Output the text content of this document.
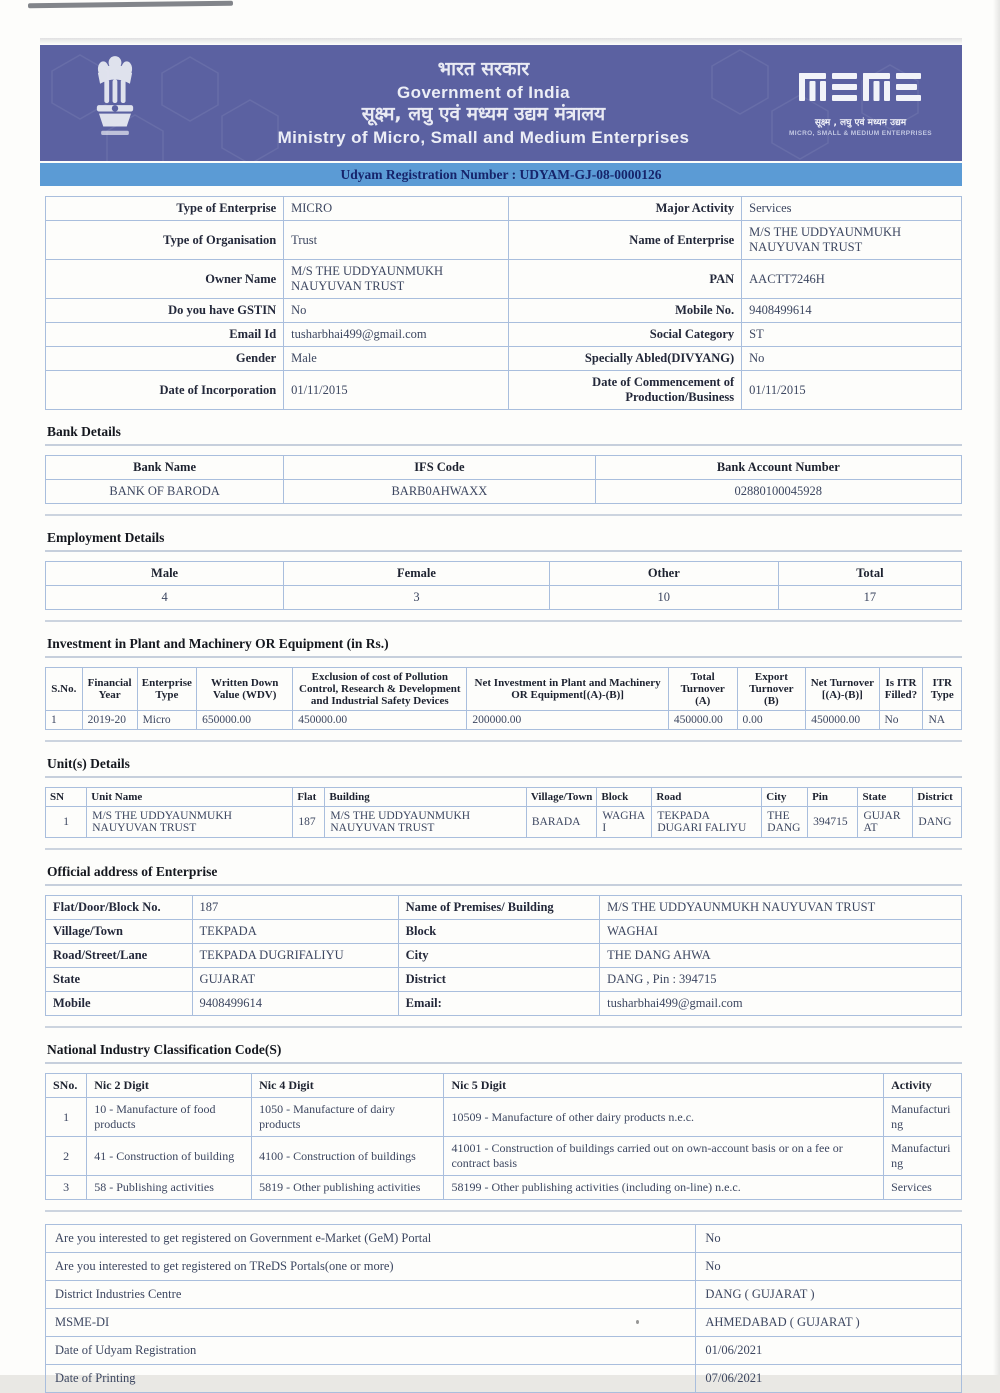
भारत सरकार
Government of India
सूक्ष्म, लघु एवं मध्यम उद्यम मंत्रालय
Ministry of Micro, Small and Medium Enterprises
सूक्ष्म , लघु एवं मध्यम उद्यम
MICRO, SMALL & MEDIUM ENTERPRISES
Udyam Registration Number : UDYAM-GJ-08-0000126
Type of Enterprise	MICRO	Major Activity	Services
Type of Organisation	Trust	Name of Enterprise	M/S THE UDDYAUNMUKH NAUYUVAN TRUST
Owner Name	M/S THE UDDYAUNMUKH NAUYUVAN TRUST	PAN	AACTT7246H
Do you have GSTIN	No	Mobile No.	9408499614
Email Id	tusharbhai499@gmail.com	Social Category	ST
Gender	Male	Specially Abled(DIVYANG)	No
Date of Incorporation	01/11/2015	Date of Commencement of Production/Business	01/11/2015
Bank Details
Bank Name	IFS Code	Bank Account Number
BANK OF BARODA	BARB0AHWAXX	02880100045928
Employment Details
Male	Female	Other	Total
4	3	10	17
Investment in Plant and Machinery OR Equipment (in Rs.)
S.No.	Financial Year	Enterprise Type	Written Down Value (WDV)	Exclusion of cost of Pollution Control, Research & Development and Industrial Safety Devices	Net Investment in Plant and Machinery OR Equipment[(A)-(B)]	Total Turnover (A)	Export Turnover (B)	Net Turnover [(A)-(B)]	Is ITR Filled?	ITR Type
1	2019-20	Micro	650000.00	450000.00	200000.00	450000.00	0.00	450000.00	No	NA
Unit(s) Details
SN	Unit Name	Flat	Building	Village/Town	Block	Road	City	Pin	State	District
1	M/S THE UDDYAUNMUKH NAUYUVAN TRUST	187	M/S THE UDDYAUNMUKH NAUYUVAN TRUST	BARADA	WAGHAI	TEKPADA DUGARI FALIYU	THE DANG	394715	GUJARAT	DANG
Official address of Enterprise
Flat/Door/Block No.	187	Name of Premises/ Building	M/S THE UDDYAUNMUKH NAUYUVAN TRUST
Village/Town	TEKPADA	Block	WAGHAI
Road/Street/Lane	TEKPADA DUGRIFALIYU	City	THE DANG AHWA
State	GUJARAT	District	DANG , Pin : 394715
Mobile	9408499614	Email:	tusharbhai499@gmail.com
National Industry Classification Code(S)
SNo.	Nic 2 Digit	Nic 4 Digit	Nic 5 Digit	Activity
1	10 - Manufacture of food products	1050 - Manufacture of dairy products	10509 - Manufacture of other dairy products n.e.c.	Manufacturing
2	41 - Construction of building	4100 - Construction of buildings	41001 - Construction of buildings carried out on own-account basis or on a fee or contract basis	Manufacturing
3	58 - Publishing activities	5819 - Other publishing activities	58199 - Other publishing activities (including on-line) n.e.c.	Services
Are you interested to get registered on Government e-Market (GeM) Portal	No
Are you interested to get registered on TReDS Portals(one or more)	No
District Industries Centre	DANG ( GUJARAT )
MSME-DI	AHMEDABAD ( GUJARAT )
Date of Udyam Registration	01/06/2021
Date of Printing	07/06/2021
